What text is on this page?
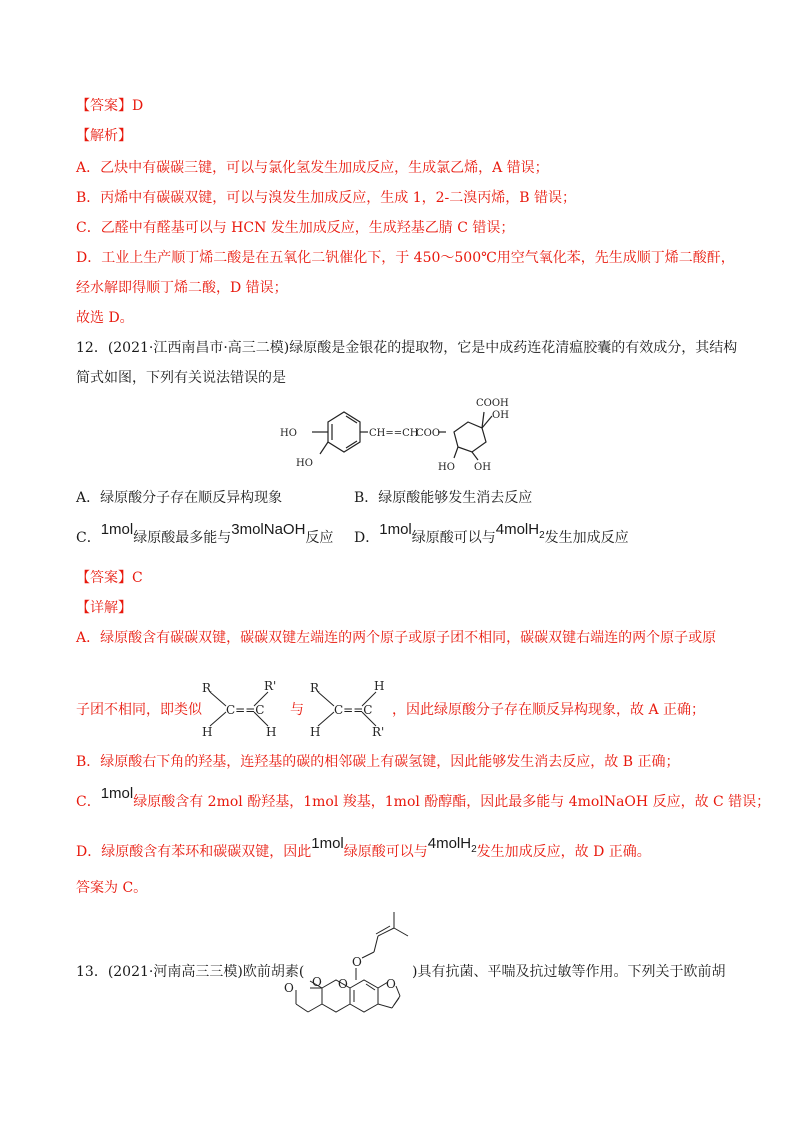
【答案】D
【解析】
A．乙炔中有碳碳三键，可以与氯化氢发生加成反应，生成氯乙烯，A 错误；
B．丙烯中有碳碳双键，可以与溴发生加成反应，生成 1，2-二溴丙烯，B 错误；
C．乙醛中有醛基可以与 HCN 发生加成反应，生成羟基乙腈 C 错误；
D．工业上生产顺丁烯二酸是在五氧化二钒催化下，于 450～500℃用空气氧化苯，先生成顺丁烯二酸酐，
经水解即得顺丁烯二酸，D 错误；
故选 D。
12．(2021·江西南昌市·高三二模)绿原酸是金银花的提取物，它是中成药连花清瘟胶囊的有效成分，其结构
简式如图，下列有关说法错误的是
HO
HO
CH==CH
COO
COOH
OH
HO OH
A．绿原酸分子存在顺反异构现象	B．绿原酸能够发生消去反应
C．1mol绿原酸最多能与3molNaOH反应 D．1mol绿原酸可以与4molH$_2$发生加成反应
【答案】C
【详解】
A．绿原酸含有碳碳双键，碳碳双键左端连的两个原子或原子团不相同，碳碳双键右端连的两个原子或原
子团不相同，即类似
R	R'
C==C
H	H
与
R	H
C==C
H	R'
，因此绿原酸分子存在顺反异构现象，故 A 正确；
B．绿原酸右下角的羟基，连羟基的碳的相邻碳上有碳氢键，因此能够发生消去反应，故 B 正确；
C．1mol绿原酸含有 2mol 酚羟基，1mol 羧基，1mol 酚醇酯，因此最多能与 4molNaOH 反应，故 C 错误；
D．绿原酸含有苯环和碳碳双键，因此1mol绿原酸可以与4molH$_2$发生加成反应，故 D 正确。
答案为 C。
13．(2021·河南高三三模)欧前胡素(
O
O O O	O
)具有抗菌、平喘及抗过敏等作用。下列关于欧前胡
